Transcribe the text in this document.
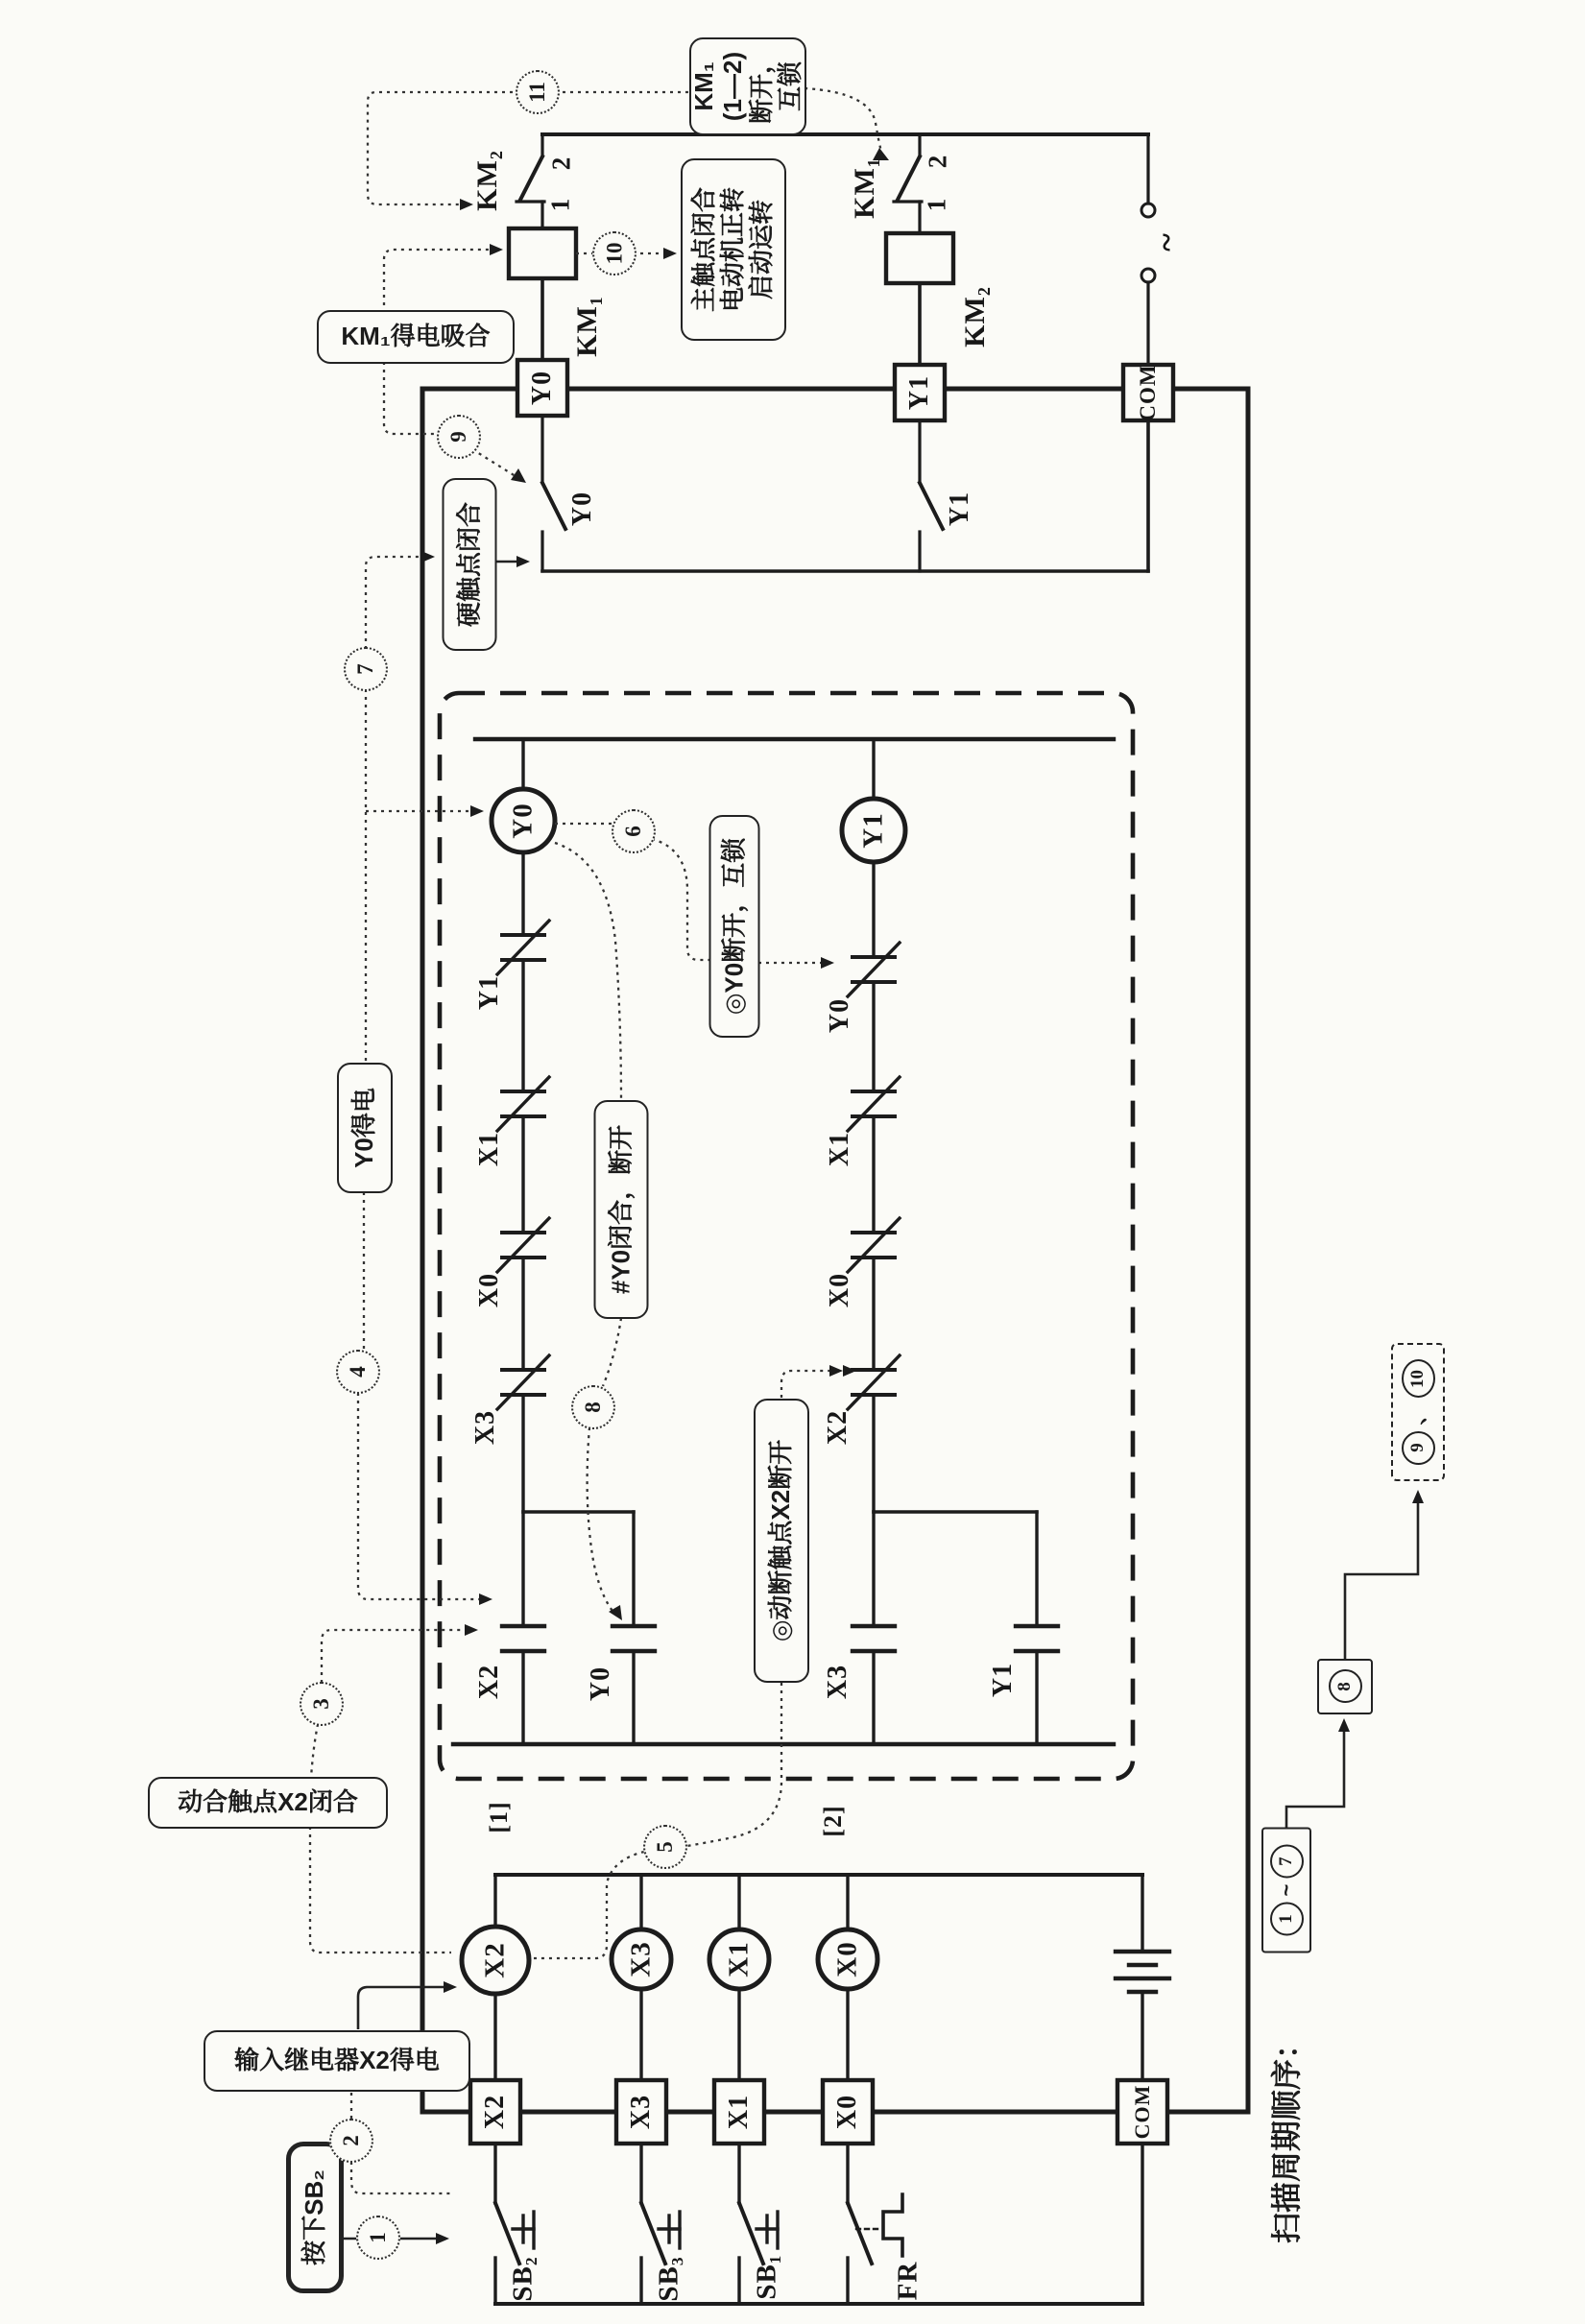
KM₂ 2
1
KM₁
KM₁ 2
1
KM₂
~
Y0	Y1	COM
Y0	Y1
Y0
Y1
X1
X0
X3
X2	Y0
[1]
Y1
Y0
X1
X0
X2
X3	Y1
[2]
X2	X3 X1	X0
X2	X3	X1	X0	COM
SB₂	SB₃ SB₁	FR
KM₁ (1—2) 断开， 互锁
主触点闭合 电动机正转 启动运转
KM₁得电吸合
硬触点闭合
Y0得电
◎Y0断开，互锁
#Y0闭合，断开
◎动断触点X2断开
动合触点X2闭合
输入继电器X2得电
按下SB₂
11
10
9
7
6
8
4
3
5
2
1	扫描周期顺序：
1
~
7
8
9
、
10
